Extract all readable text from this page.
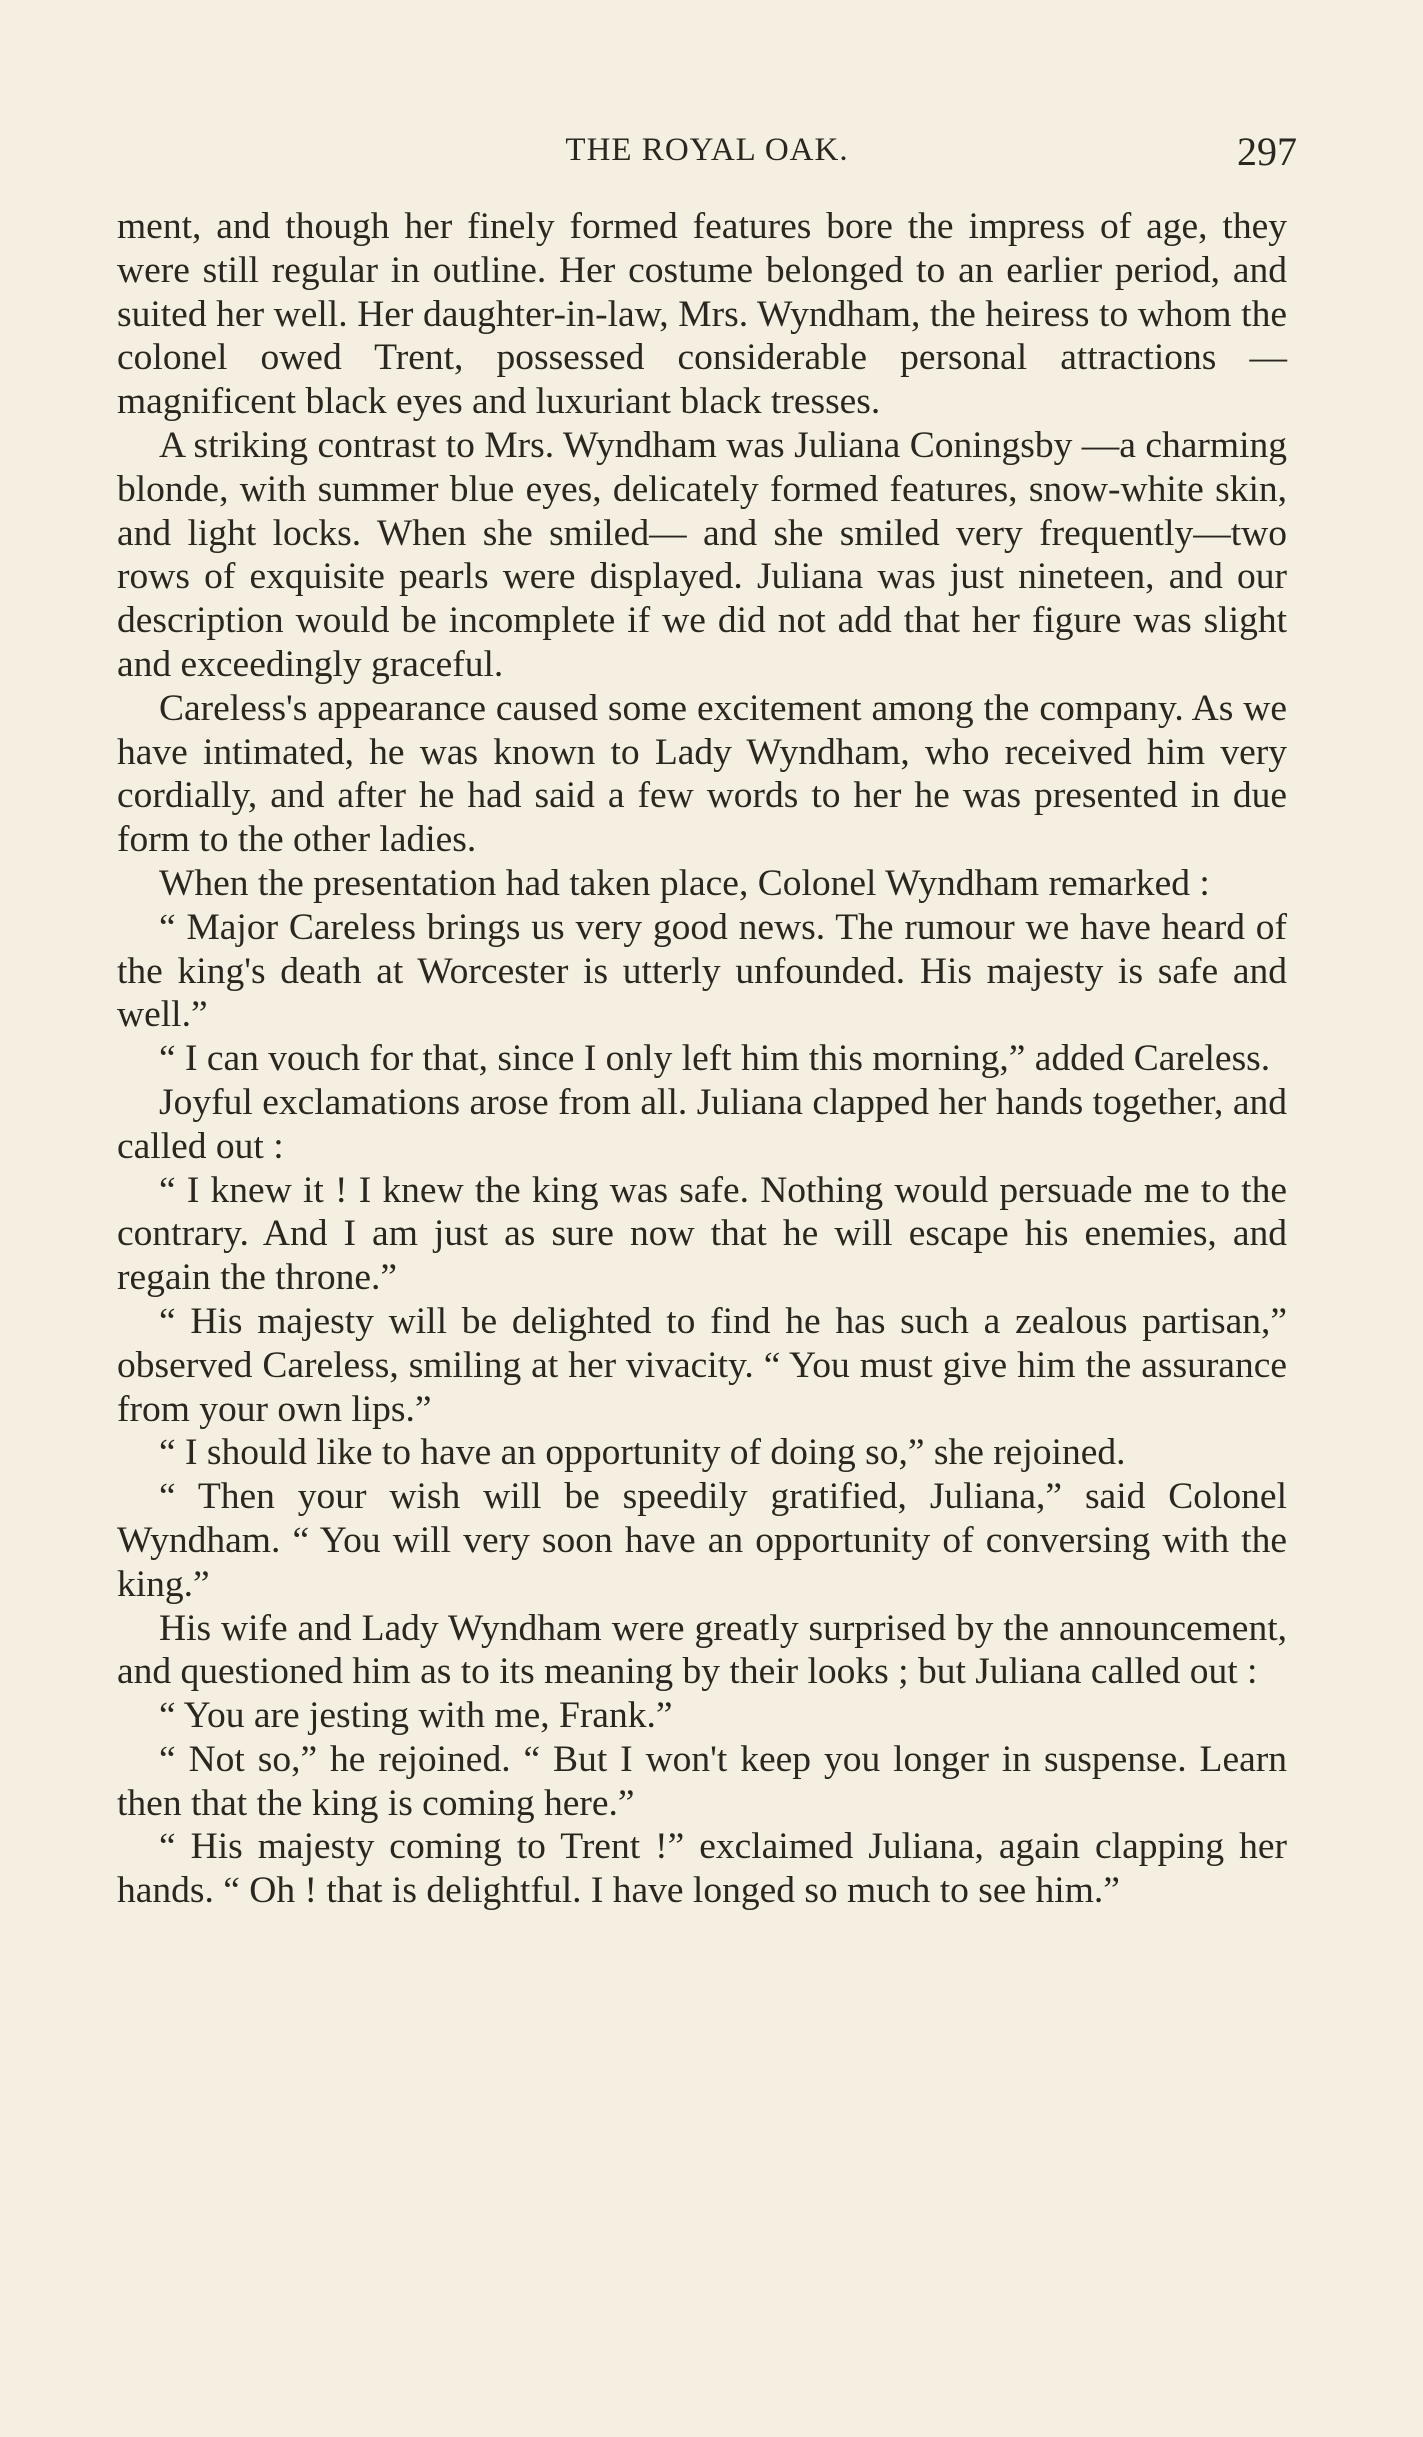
THE ROYAL OAK.	297

ment, and though her finely formed features bore the impress of age, they were still regular in outline. Her costume belonged to an earlier period, and suited her well. Her daughter-in-law, Mrs. Wyndham, the heiress to whom the colonel owed Trent, possessed considerable personal attractions — magnificent black eyes and luxuriant black tresses.

A striking contrast to Mrs. Wyndham was Juliana Coningsby —a charming blonde, with summer blue eyes, delicately formed features, snow-white skin, and light locks. When she smiled— and she smiled very frequently—two rows of exquisite pearls were displayed. Juliana was just nineteen, and our description would be incomplete if we did not add that her figure was slight and exceedingly graceful.

Careless's appearance caused some excitement among the company. As we have intimated, he was known to Lady Wyndham, who received him very cordially, and after he had said a few words to her he was presented in due form to the other ladies.

When the presentation had taken place, Colonel Wyndham remarked :

“ Major Careless brings us very good news. The rumour we have heard of the king's death at Worcester is utterly unfounded. His majesty is safe and well.”

“ I can vouch for that, since I only left him this morning,” added Careless.

Joyful exclamations arose from all. Juliana clapped her hands together, and called out :

“ I knew it ! I knew the king was safe. Nothing would persuade me to the contrary. And I am just as sure now that he will escape his enemies, and regain the throne.”

“ His majesty will be delighted to find he has such a zealous partisan,” observed Careless, smiling at her vivacity. “ You must give him the assurance from your own lips.”

“ I should like to have an opportunity of doing so,” she rejoined.

“ Then your wish will be speedily gratified, Juliana,” said Colonel Wyndham. “ You will very soon have an opportunity of conversing with the king.”

His wife and Lady Wyndham were greatly surprised by the announcement, and questioned him as to its meaning by their looks ; but Juliana called out :

“ You are jesting with me, Frank.”

“ Not so,” he rejoined. “ But I won't keep you longer in suspense. Learn then that the king is coming here.”

“ His majesty coming to Trent !” exclaimed Juliana, again clapping her hands. “ Oh ! that is delightful. I have longed so much to see him.”
